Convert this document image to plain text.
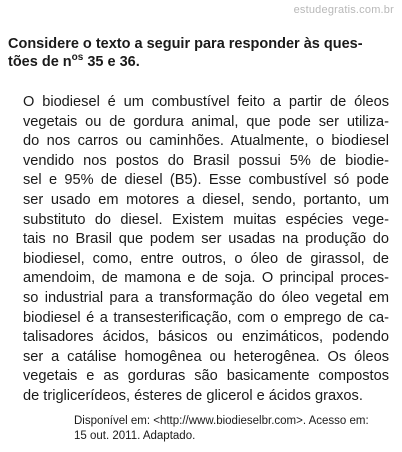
estudegratis.com.br
Considere o texto a seguir para responder às ques-
tões de $n^{os}$ 35 e 36.
O biodiesel é um combustível feito a partir de óleos
vegetais ou de gordura animal, que pode ser utiliza-
do nos carros ou caminhões. Atualmente, o biodiesel
vendido nos postos do Brasil possui 5% de biodie-
sel e 95% de diesel (B5). Esse combustível só pode
ser usado em motores a diesel, sendo, portanto, um
substituto do diesel. Existem muitas espécies vege-
tais no Brasil que podem ser usadas na produção do
biodiesel, como, entre outros, o óleo de girassol, de
amendoim, de mamona e de soja. O principal proces-
so industrial para a transformação do óleo vegetal em
biodiesel é a transesterificação, com o emprego de ca-
talisadores ácidos, básicos ou enzimáticos, podendo
ser a catálise homogênea ou heterogênea. Os óleos
vegetais e as gorduras são basicamente compostos
de triglicerídeos, ésteres de glicerol e ácidos graxos.
Disponível em: <http://www.biodieselbr.com>. Acesso em:
15 out. 2011. Adaptado.
